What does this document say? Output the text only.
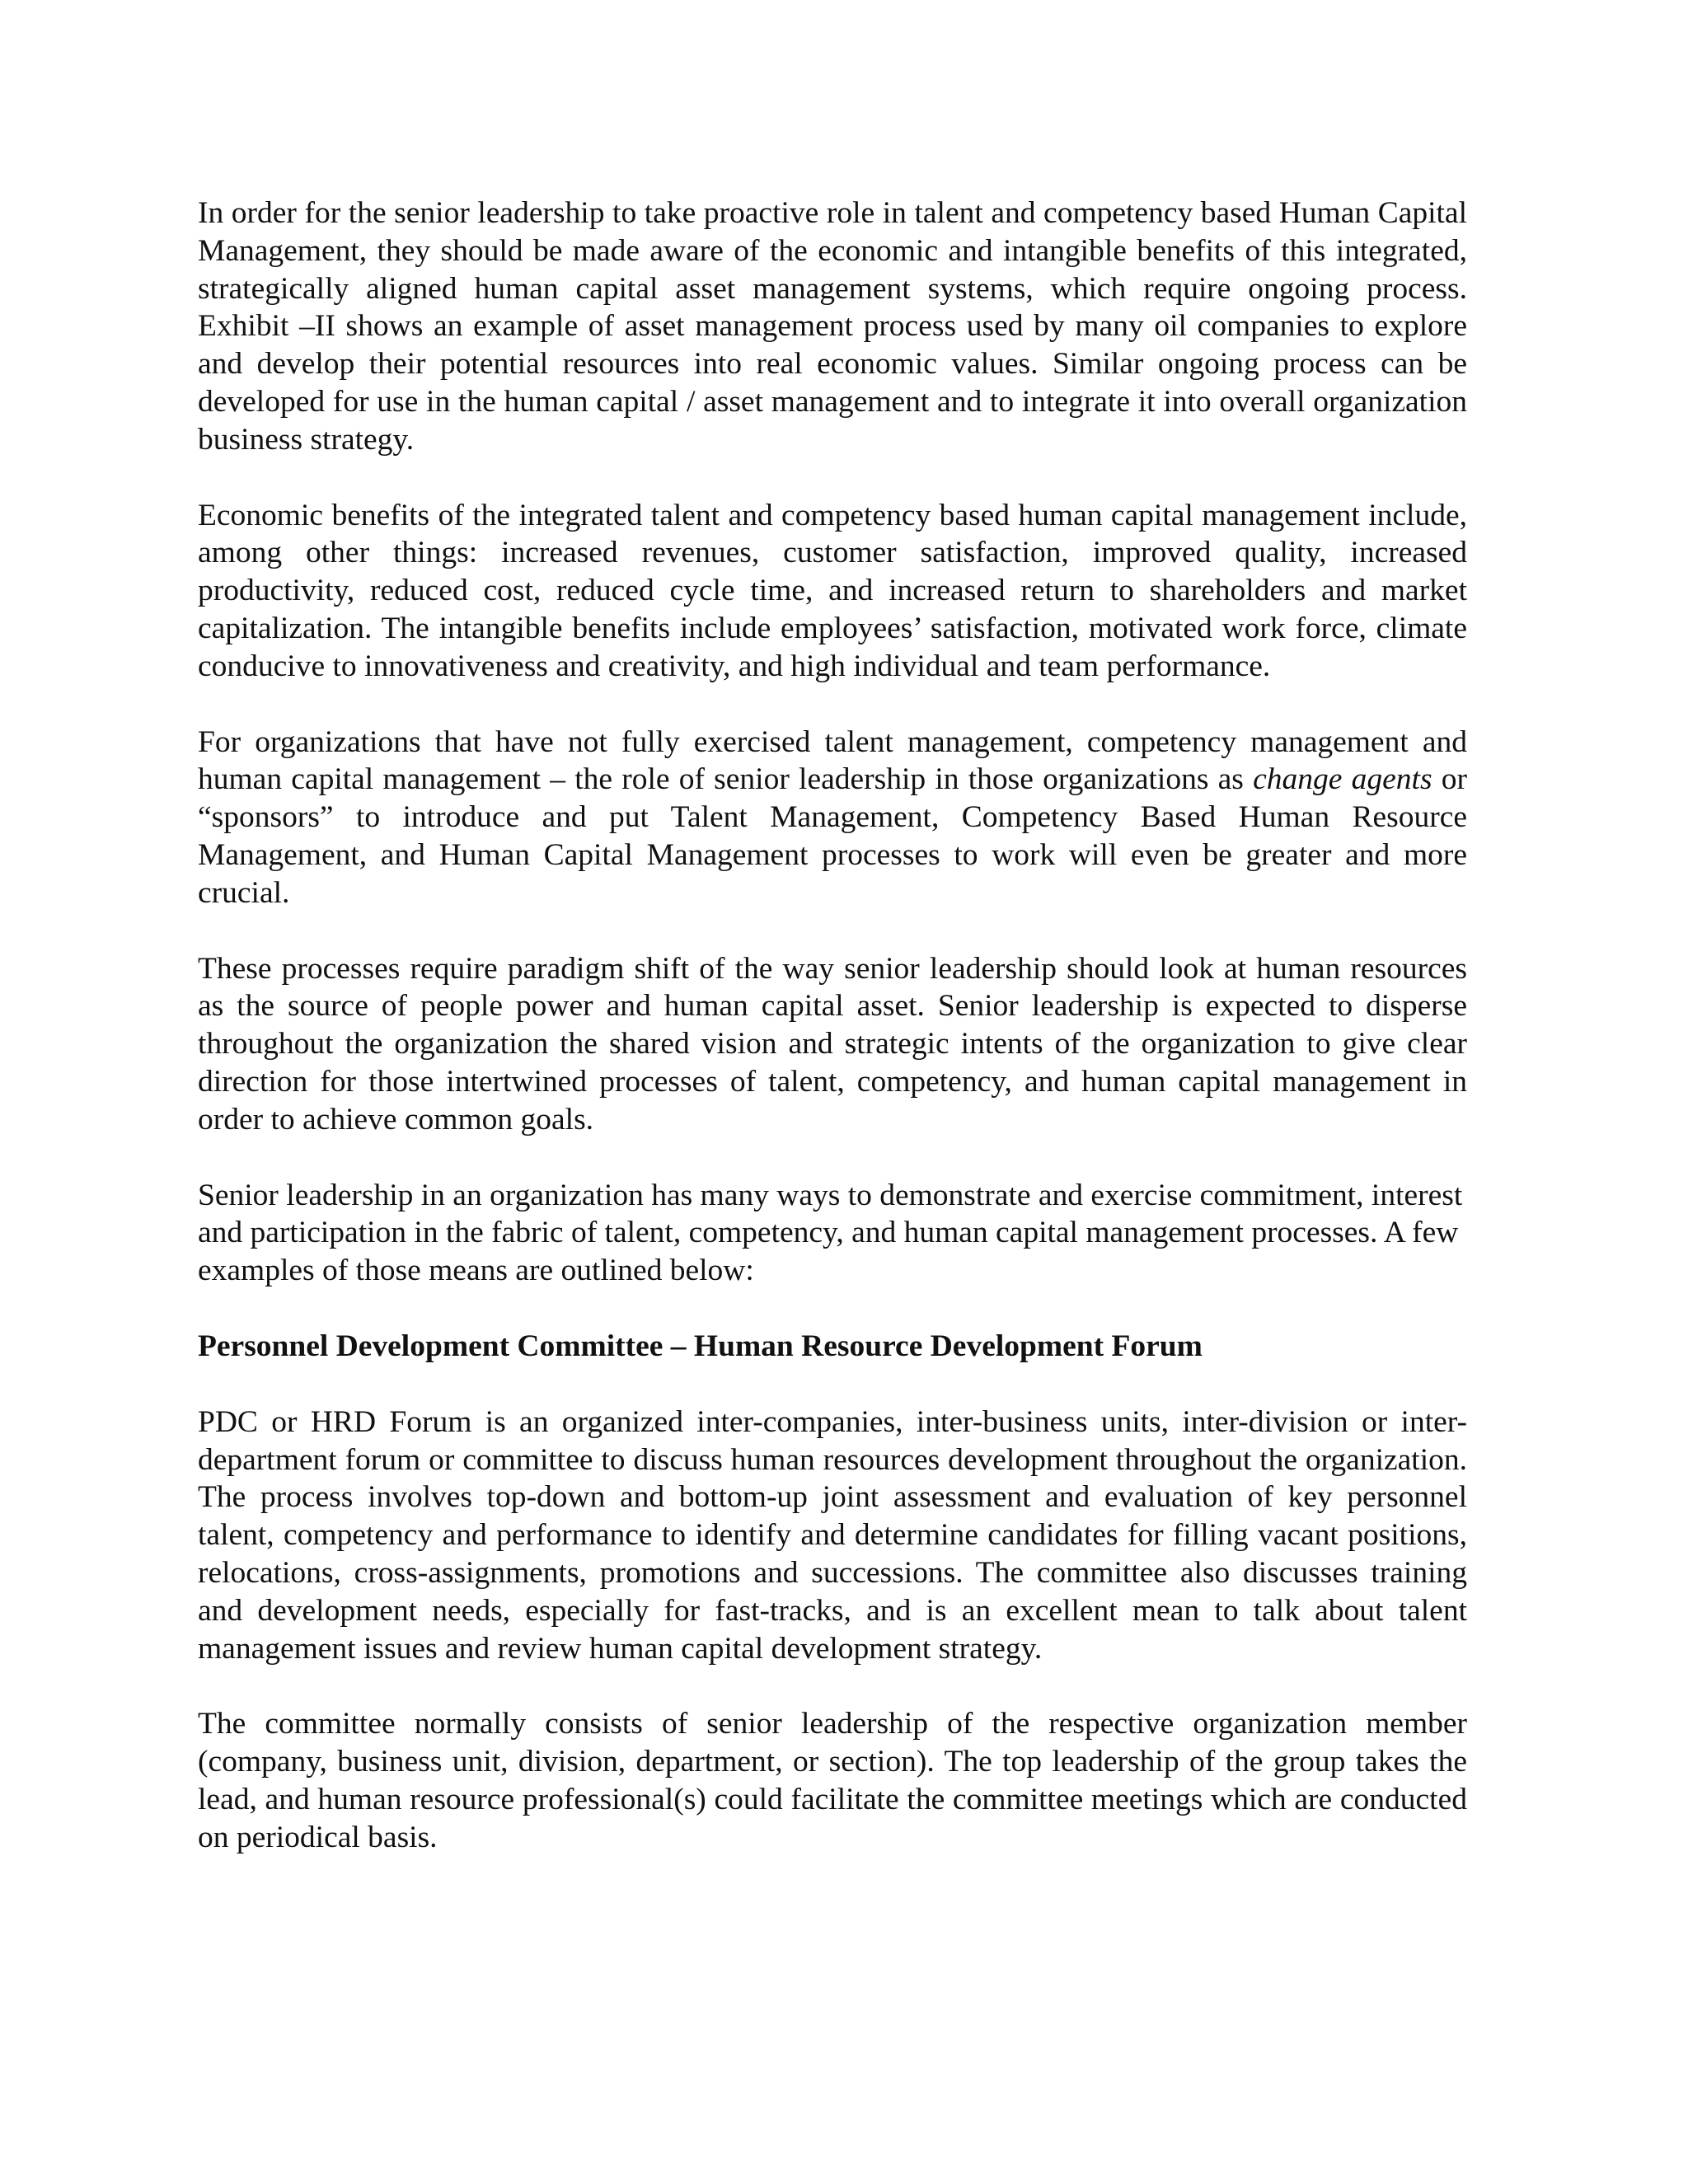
In order for the senior leadership to take proactive role in talent and competency based Human Capital Management, they should be made aware of the economic and intangible benefits of this integrated, strategically aligned human capital asset management systems, which require ongoing process. Exhibit –II shows an example of asset management process used by many oil companies to explore and develop their potential resources into real economic values. Similar ongoing process can be developed for use in the human capital / asset management and to integrate it into overall organization business strategy.

Economic benefits of the integrated talent and competency based human capital management include, among other things: increased revenues, customer satisfaction, improved quality, increased productivity, reduced cost, reduced cycle time, and increased return to shareholders and market capitalization. The intangible benefits include employees’ satisfaction, motivated work force, climate conducive to innovativeness and creativity, and high individual and team performance.

For organizations that have not fully exercised talent management, competency management and human capital management – the role of senior leadership in those organizations as change agents or “sponsors” to introduce and put Talent Management, Competency Based Human Resource Management, and Human Capital Management processes to work will even be greater and more crucial.

These processes require paradigm shift of the way senior leadership should look at human resources as the source of people power and human capital asset. Senior leadership is expected to disperse throughout the organization the shared vision and strategic intents of the organization to give clear direction for those intertwined processes of talent, competency, and human capital management in order to achieve common goals.

Senior leadership in an organization has many ways to demonstrate and exercise commitment, interest and participation in the fabric of talent, competency, and human capital management processes. A few examples of those means are outlined below:

Personnel Development Committee – Human Resource Development Forum

PDC or HRD Forum is an organized inter-companies, inter-business units, inter-division or inter-department forum or committee to discuss human resources development throughout the organization. The process involves top-down and bottom-up joint assessment and evaluation of key personnel talent, competency and performance to identify and determine candidates for filling vacant positions, relocations, cross-assignments, promotions and successions. The committee also discusses training and development needs, especially for fast-tracks, and is an excellent mean to talk about talent management issues and review human capital development strategy.

The committee normally consists of senior leadership of the respective organization member (company, business unit, division, department, or section). The top leadership of the group takes the lead, and human resource professional(s) could facilitate the committee meetings which are conducted on periodical basis.
